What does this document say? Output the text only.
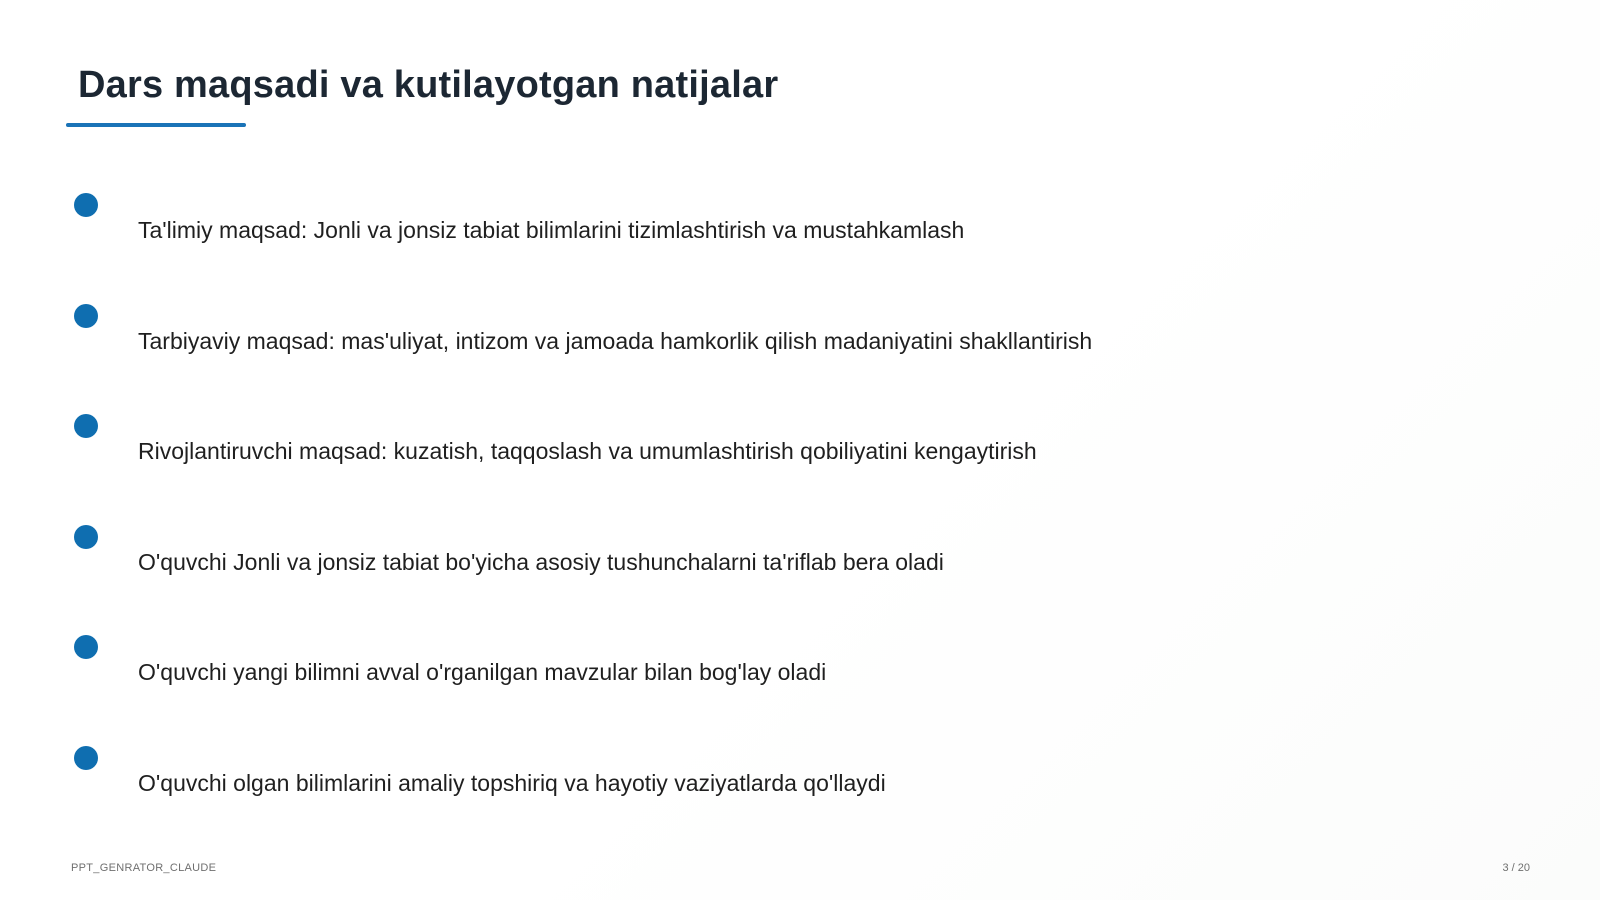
Dars maqsadi va kutilayotgan natijalar
Ta'limiy maqsad: Jonli va jonsiz tabiat bilimlarini tizimlashtirish va mustahkamlash
Tarbiyaviy maqsad: mas'uliyat, intizom va jamoada hamkorlik qilish madaniyatini shakllantirish
Rivojlantiruvchi maqsad: kuzatish, taqqoslash va umumlashtirish qobiliyatini kengaytirish
O'quvchi Jonli va jonsiz tabiat bo'yicha asosiy tushunchalarni ta'riflab bera oladi
O'quvchi yangi bilimni avval o'rganilgan mavzular bilan bog'lay oladi
O'quvchi olgan bilimlarini amaliy topshiriq va hayotiy vaziyatlarda qo'llaydi
PPT_GENRATOR_CLAUDE	3 / 20
